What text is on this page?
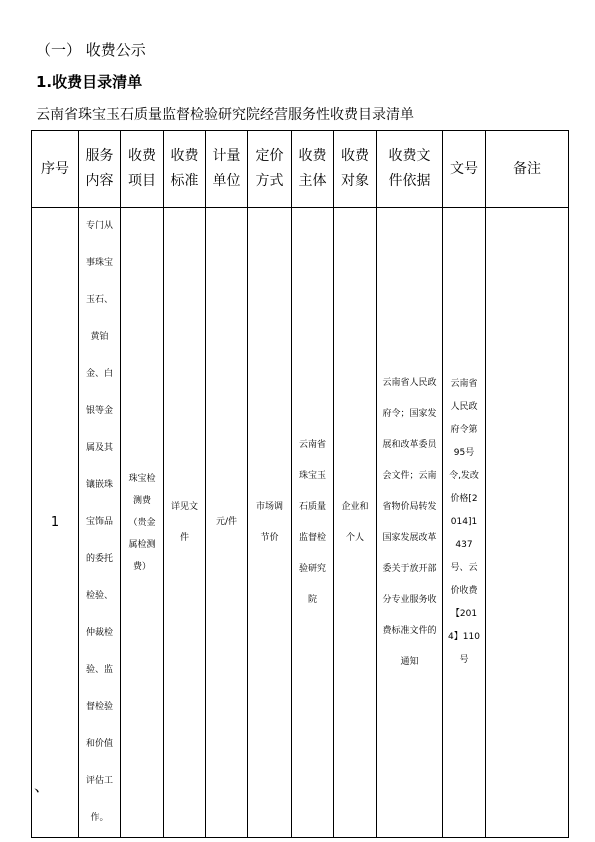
（一） 收费公示
1.收费目录清单
云南省珠宝玉石质量监督检验研究院经营服务性收费目录清单
序号	服务内容	收费项目	收费标准	计量单位	定价方式	收费主体	收费对象	收费文件依据	文号	备注
1	专门从事珠宝玉石、黄铂金、白银等金属及其镶嵌珠宝饰品的委托检验、仲裁检验、监督检验和价值评估工作。	珠宝检测费（贵金属检测费）	详见文件	元/件	市场调节价	云南省珠宝玉石质量监督检验研究院	企业和个人	云南省人民政府令；国家发展和改革委员会文件；云南省物价局转发国家发展改革委关于放开部分专业服务收费标准文件的通知	云南省人民政府令第95号令,发改价格[2014]1437号、云价收费【2014】110号	
、
